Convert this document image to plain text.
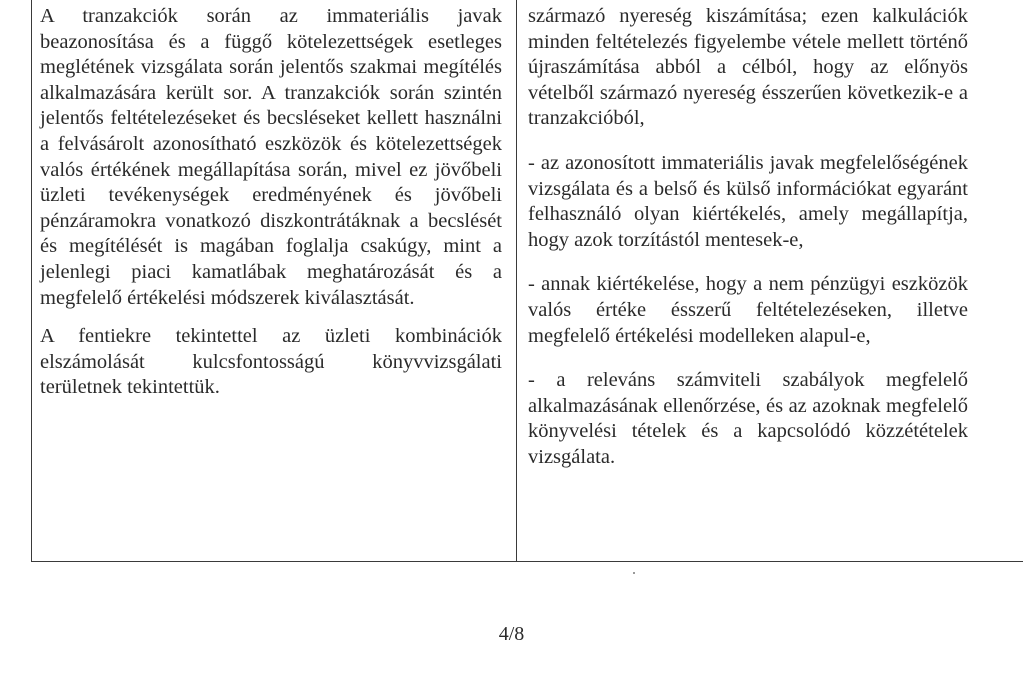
A tranzakciók során az immateriális javak beazonosítása és a függő kötelezettségek esetleges meglétének vizsgálata során jelentős szakmai megítélés alkalmazására került sor. A tranzakciók során szintén jelentős feltételezéseket és becsléseket kellett használni a felvásárolt azonosítható eszközök és kötelezettségek valós értékének megállapítása során, mivel ez jövőbeli üzleti tevékenységek eredményének és jövőbeli pénzáramokra vonatkozó diszkontrátáknak a becslését és megítélését is magában foglalja csakúgy, mint a jelenlegi piaci kamatlábak meghatározását és a megfelelő értékelési módszerek kiválasztását.

A fentiekre tekintettel az üzleti kombinációk elszámolását kulcsfontosságú könyvvizsgálati területnek tekintettük.

származó nyereség kiszámítása; ezen kalkulációk minden feltételezés figyelembe vétele mellett történő újraszámítása abból a célból, hogy az előnyös vételből származó nyereség ésszerűen következik-e a tranzakcióból,

- az azonosított immateriális javak megfelelőségének vizsgálata és a belső és külső információkat egyaránt felhasználó olyan kiértékelés, amely megállapítja, hogy azok torzítástól mentesek-e,

- annak kiértékelése, hogy a nem pénzügyi eszközök valós értéke ésszerű feltételezéseken, illetve megfelelő értékelési modelleken alapul-e,

- a releváns számviteli szabályok megfelelő alkalmazásának ellenőrzése, és az azoknak megfelelő könyvelési tételek és a kapcsolódó közzétételek vizsgálata.

4/8
